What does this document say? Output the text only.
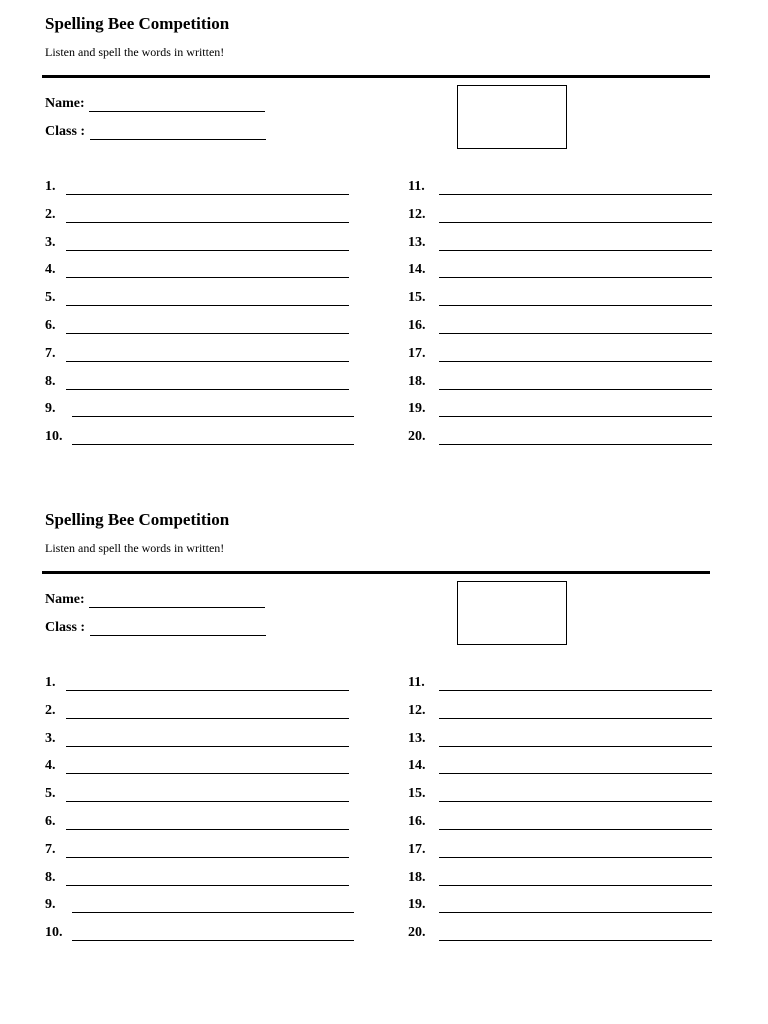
Spelling Bee Competition
Listen and spell the words in written!
Name:
Class :
1.
2.
3.
4.
5.
6.
7.
8.
9.
10.
11.
12.
13.
14.
15.
16.
17.
18.
19.
20.
Spelling Bee Competition
Listen and spell the words in written!
Name:
Class :
1.
2.
3.
4.
5.
6.
7.
8.
9.
10.
11.
12.
13.
14.
15.
16.
17.
18.
19.
20.
